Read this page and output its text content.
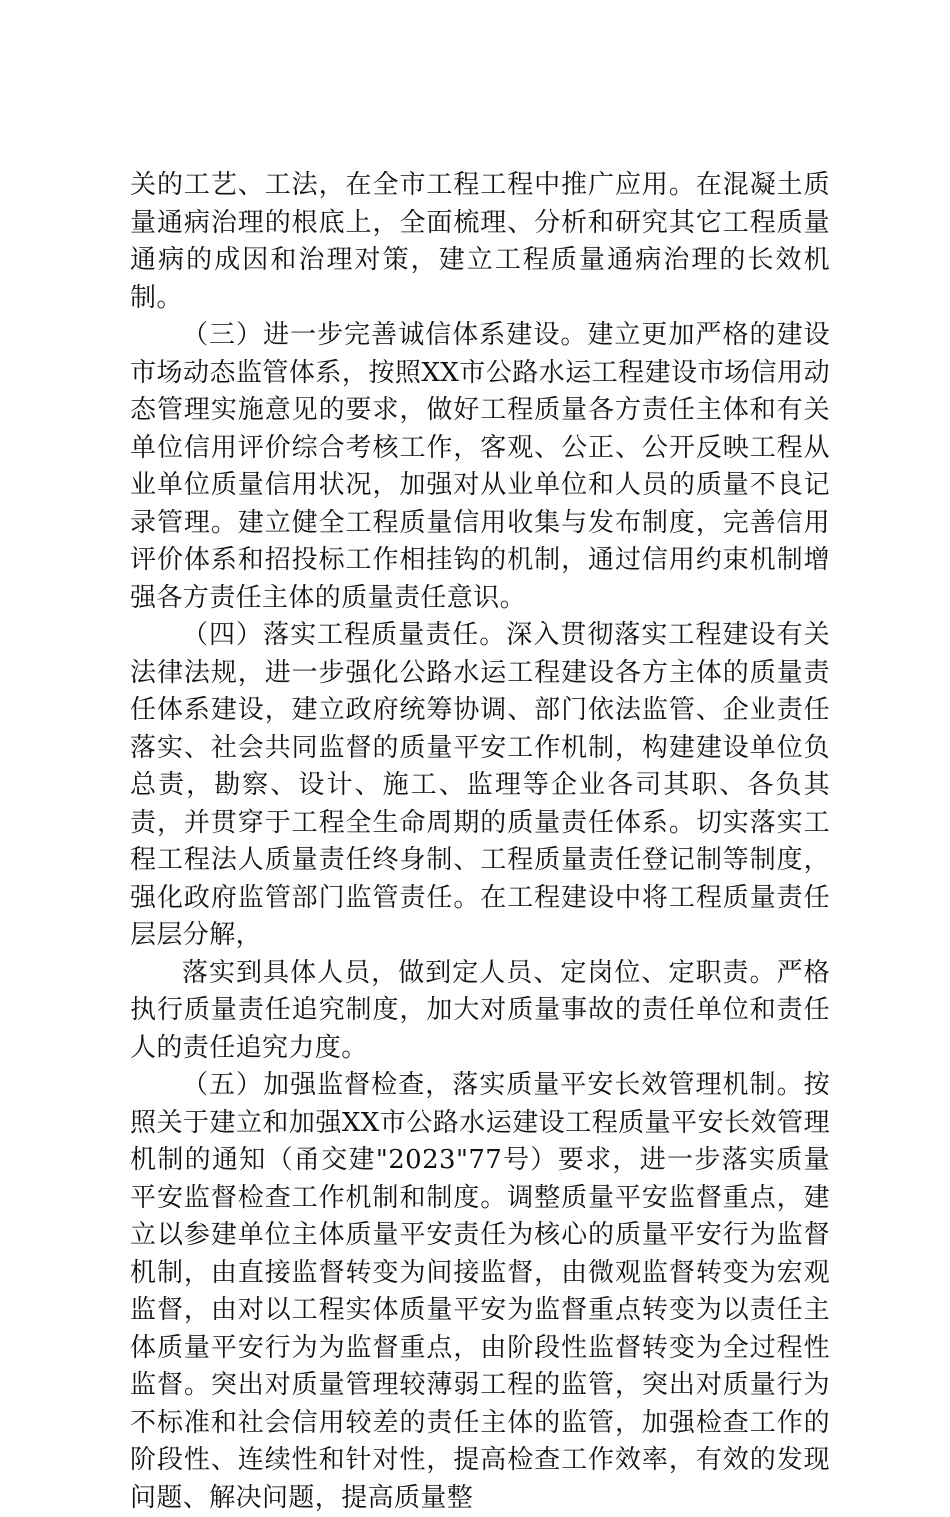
关的工艺、工法，在全市工程工程中推广应用。在混凝土质量通病治理的根底上，全面梳理、分析和研究其它工程质量通病的成因和治理对策，建立工程质量通病治理的长效机制。

（三）进一步完善诚信体系建设。建立更加严格的建设市场动态监管体系，按照XX市公路水运工程建设市场信用动态管理实施意见的要求，做好工程质量各方责任主体和有关单位信用评价综合考核工作，客观、公正、公开反映工程从业单位质量信用状况，加强对从业单位和人员的质量不良记录管理。建立健全工程质量信用收集与发布制度，完善信用评价体系和招投标工作相挂钩的机制，通过信用约束机制增强各方责任主体的质量责任意识。

（四）落实工程质量责任。深入贯彻落实工程建设有关法律法规，进一步强化公路水运工程建设各方主体的质量责任体系建设，建立政府统筹协调、部门依法监管、企业责任落实、社会共同监督的质量平安工作机制，构建建设单位负总责，勘察、设计、施工、监理等企业各司其职、各负其责，并贯穿于工程全生命周期的质量责任体系。切实落实工程工程法人质量责任终身制、工程质量责任登记制等制度，强化政府监管部门监管责任。在工程建设中将工程质量责任层层分解，

落实到具体人员，做到定人员、定岗位、定职责。严格执行质量责任追究制度，加大对质量事故的责任单位和责任人的责任追究力度。

（五）加强监督检查，落实质量平安长效管理机制。按照关于建立和加强XX市公路水运建设工程质量平安长效管理机制的通知（甬交建"2023"77号）要求，进一步落实质量平安监督检查工作机制和制度。调整质量平安监督重点，建立以参建单位主体质量平安责任为核心的质量平安行为监督机制，由直接监督转变为间接监督，由微观监督转变为宏观监督，由对以工程实体质量平安为监督重点转变为以责任主体质量平安行为为监督重点，由阶段性监督转变为全过程性监督。突出对质量管理较薄弱工程的监管，突出对质量行为不标准和社会信用较差的责任主体的监管，加强检查工作的阶段性、连续性和针对性，提高检查工作效率，有效的发现问题、解决问题，提高质量整
